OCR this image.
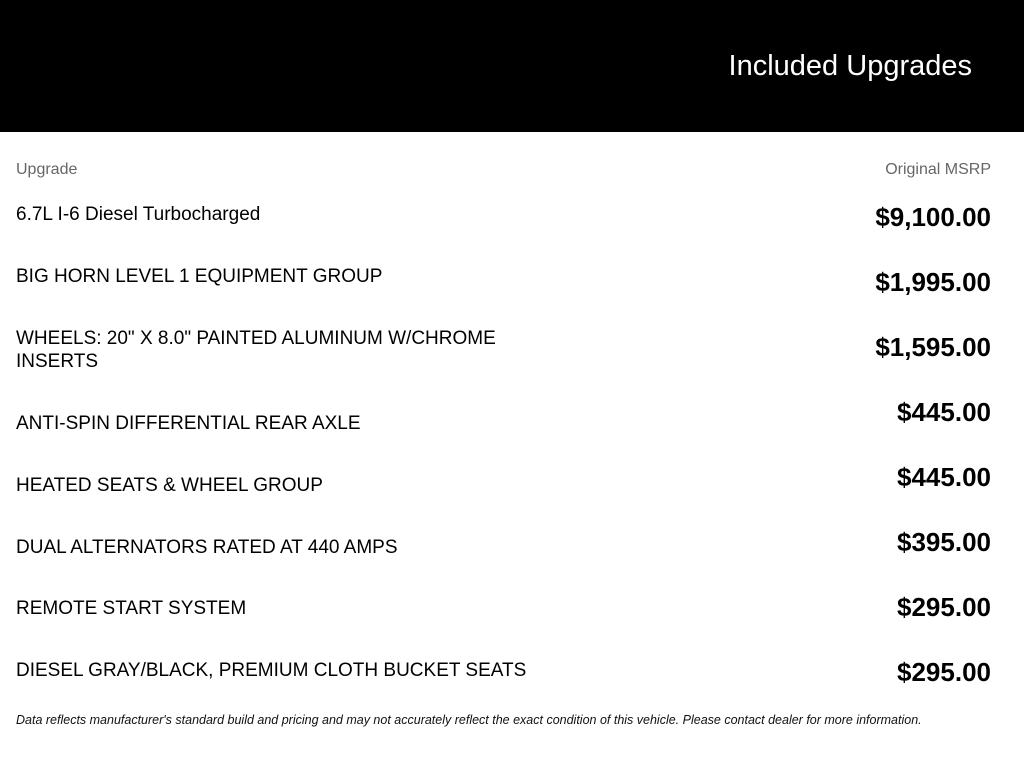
Included Upgrades
Upgrade	Original MSRP
6.7L I-6 Diesel Turbocharged	$9,100.00
BIG HORN LEVEL 1 EQUIPMENT GROUP	$1,995.00
WHEELS: 20" X 8.0" PAINTED ALUMINUM W/CHROME INSERTS	$1,595.00
ANTI-SPIN DIFFERENTIAL REAR AXLE	$445.00
HEATED SEATS & WHEEL GROUP	$445.00
DUAL ALTERNATORS RATED AT 440 AMPS	$395.00
REMOTE START SYSTEM	$295.00
DIESEL GRAY/BLACK, PREMIUM CLOTH BUCKET SEATS	$295.00
Data reflects manufacturer's standard build and pricing and may not accurately reflect the exact condition of this vehicle. Please contact dealer for more information.
